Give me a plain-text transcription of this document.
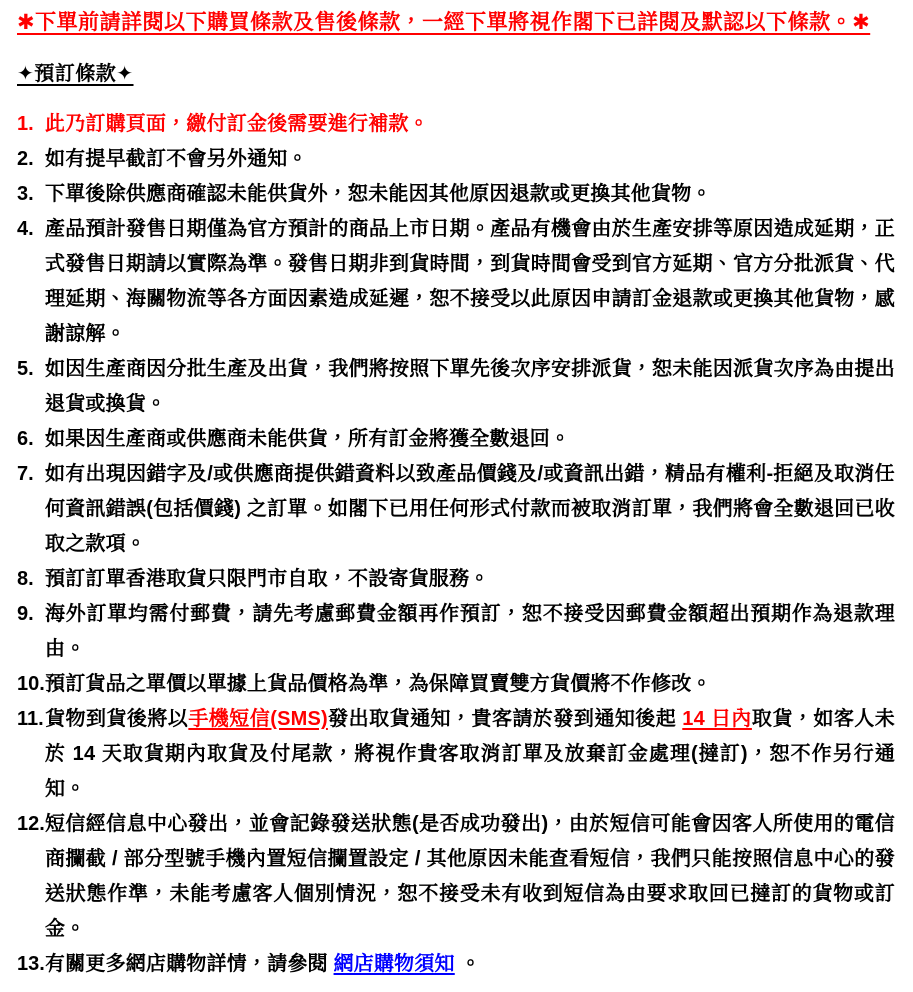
✱下單前請詳閱以下購買條款及售後條款，一經下單將視作閣下已詳閱及默認以下條款。✱
✦預訂條款✦
1. 此乃訂購頁面，繳付訂金後需要進行補款。
2. 如有提早截訂不會另外通知。
3. 下單後除供應商確認未能供貨外，恕未能因其他原因退款或更換其他貨物。
4. 產品預計發售日期僅為官方預計的商品上市日期。產品有機會由於生產安排等原因造成延期，正式發售日期請以實際為準。發售日期非到貨時間，到貨時間會受到官方延期、官方分批派貨、代理延期、海關物流等各方面因素造成延遲，恕不接受以此原因申請訂金退款或更換其他貨物，感謝諒解。
5. 如因生產商因分批生產及出貨，我們將按照下單先後次序安排派貨，恕未能因派貨次序為由提出退貨或換貨。
6. 如果因生產商或供應商未能供貨，所有訂金將獲全數退回。
7. 如有出現因錯字及/或供應商提供錯資料以致產品價錢及/或資訊出錯，精品有權利-拒絕及取消任何資訊錯誤(包括價錢) 之訂單。如閣下已用任何形式付款而被取消訂單，我們將會全數退回已收取之款項。
8. 預訂訂單香港取貨只限門市自取，不設寄貨服務。
9. 海外訂單均需付郵費，請先考慮郵費金額再作預訂，恕不接受因郵費金額超出預期作為退款理由。
10. 預訂貨品之單價以單據上貨品價格為準，為保障買賣雙方貨價將不作修改。
11. 貨物到貨後將以手機短信(SMS)發出取貨通知，貴客請於發到通知後起 14 日內取貨，如客人未於 14 天取貨期內取貨及付尾款，將視作貴客取消訂單及放棄訂金處理(撻訂)，恕不作另行通知。
12. 短信經信息中心發出，並會記錄發送狀態(是否成功發出)，由於短信可能會因客人所使用的電信商攔截 / 部分型號手機內置短信攔置設定 / 其他原因未能查看短信，我們只能按照信息中心的發送狀態作準，未能考慮客人個別情況，恕不接受未有收到短信為由要求取回已撻訂的貨物或訂金。
13. 有關更多網店購物詳情，請參閱 網店購物須知 。
